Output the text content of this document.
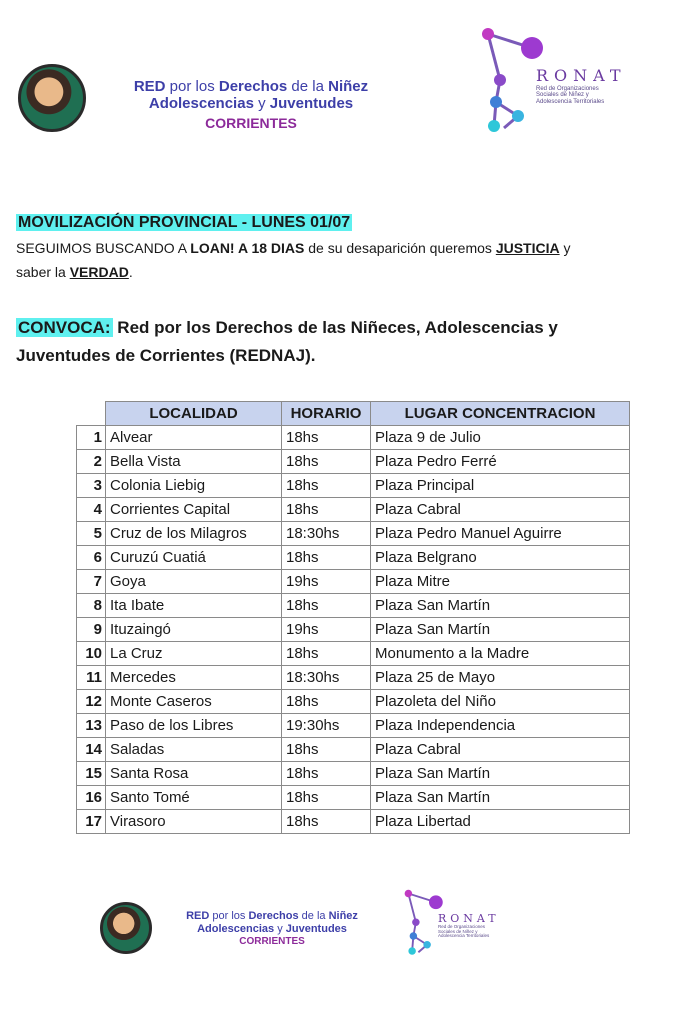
RED por los Derechos de la Niñez
Adolescencias y Juventudes
CORRIENTES
RONAT
Red de Organizaciones
Sociales de Niñez y
Adolescencia Territoriales
MOVILIZACIÓN PROVINCIAL - LUNES 01/07
SEGUIMOS BUSCANDO A LOAN! A 18 DIAS de su desaparición queremos JUSTICIA y
saber la VERDAD.
CONVOCA: Red por los Derechos de las Niñeces, Adolescencias y
Juventudes de Corrientes (REDNAJ).
	LOCALIDAD	HORARIO	LUGAR CONCENTRACION
1	Alvear	18hs	Plaza 9 de Julio
2	Bella Vista	18hs	Plaza Pedro Ferré
3	Colonia Liebig	18hs	Plaza Principal
4	Corrientes Capital	18hs	Plaza Cabral
5	Cruz de los Milagros	18:30hs	Plaza Pedro Manuel Aguirre
6	Curuzú Cuatiá	18hs	Plaza Belgrano
7	Goya	19hs	Plaza Mitre
8	Ita Ibate	18hs	Plaza San Martín
9	Ituzaingó	19hs	Plaza San Martín
10	La Cruz	18hs	Monumento a la Madre
11	Mercedes	18:30hs	Plaza 25 de Mayo
12	Monte Caseros	18hs	Plazoleta del Niño
13	Paso de los Libres	19:30hs	Plaza Independencia
14	Saladas	18hs	Plaza Cabral
15	Santa Rosa	18hs	Plaza San Martín
16	Santo Tomé	18hs	Plaza San Martín
17	Virasoro	18hs	Plaza Libertad
RED por los Derechos de la Niñez
Adolescencias y Juventudes
CORRIENTES
RONAT
Red de Organizaciones
Sociales de Niñez y
Adolescencia Territoriales
